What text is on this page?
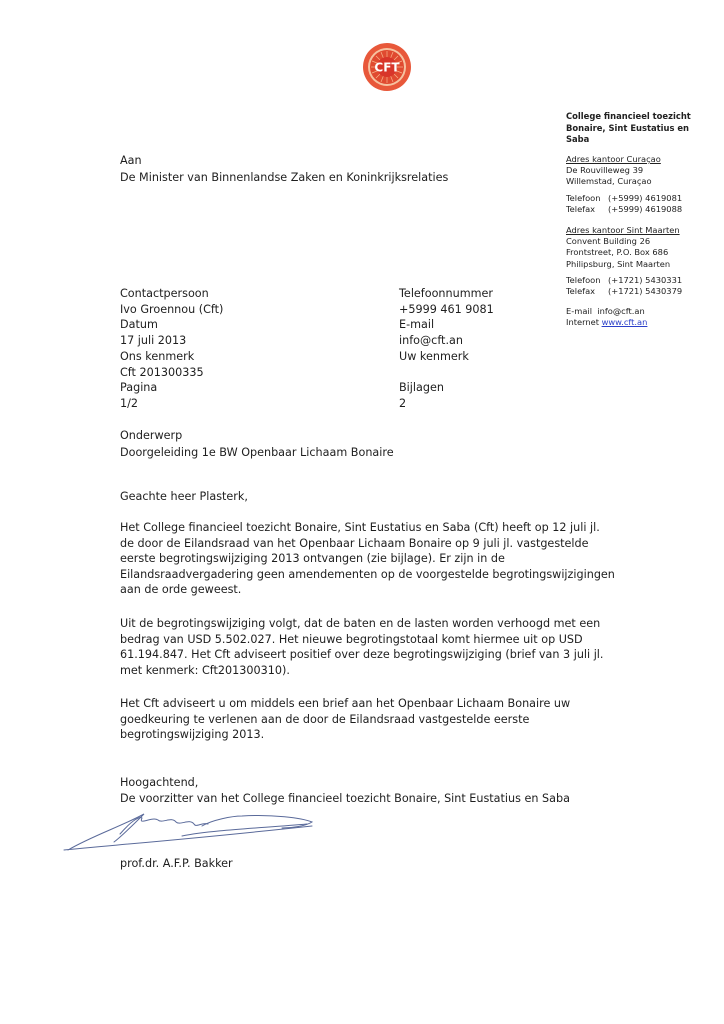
CFT
College financieel toezicht
Bonaire, Sint Eustatius en
Saba
Adres kantoor Curaçao
De Rouvilleweg 39
Willemstad, Curaçao
Telefoon (+5999) 4619081
Telefax	(+5999) 4619088
Adres kantoor Sint Maarten
Convent Building 26
Frontstreet, P.O. Box 686
Philipsburg, Sint Maarten
Telefoon (+1721) 5430331
Telefax	(+1721) 5430379
E-mail info@cft.an
Internet www.cft.an
Aan
De Minister van Binnenlandse Zaken en Koninkrijksrelaties
Contactpersoon
Ivo Groennou (Cft)
Datum
17 juli 2013
Ons kenmerk
Cft 201300335
Pagina
1/2
Telefoonnummer
+5999 461 9081
E-mail
info@cft.an
Uw kenmerk
Bijlagen
2
Onderwerp
Doorgeleiding 1e BW Openbaar Lichaam Bonaire
Geachte heer Plasterk,

Het College financieel toezicht Bonaire, Sint Eustatius en Saba (Cft) heeft op 12 juli jl.

de door de Eilandsraad van het Openbaar Lichaam Bonaire op 9 juli jl. vastgestelde

eerste begrotingswijziging 2013 ontvangen (zie bijlage). Er zijn in de

Eilandsraadvergadering geen amendementen op de voorgestelde begrotingswijzigingen

aan de orde geweest.

Uit de begrotingswijziging volgt, dat de baten en de lasten worden verhoogd met een

bedrag van USD 5.502.027. Het nieuwe begrotingstotaal komt hiermee uit op USD

61.194.847. Het Cft adviseert positief over deze begrotingswijziging (brief van 3 juli jl.

met kenmerk: Cft201300310).

Het Cft adviseert u om middels een brief aan het Openbaar Lichaam Bonaire uw

goedkeuring te verlenen aan de door de Eilandsraad vastgestelde eerste

begrotingswijziging 2013.

Hoogachtend,
De voorzitter van het College financieel toezicht Bonaire, Sint Eustatius en Saba
prof.dr. A.F.P. Bakker
